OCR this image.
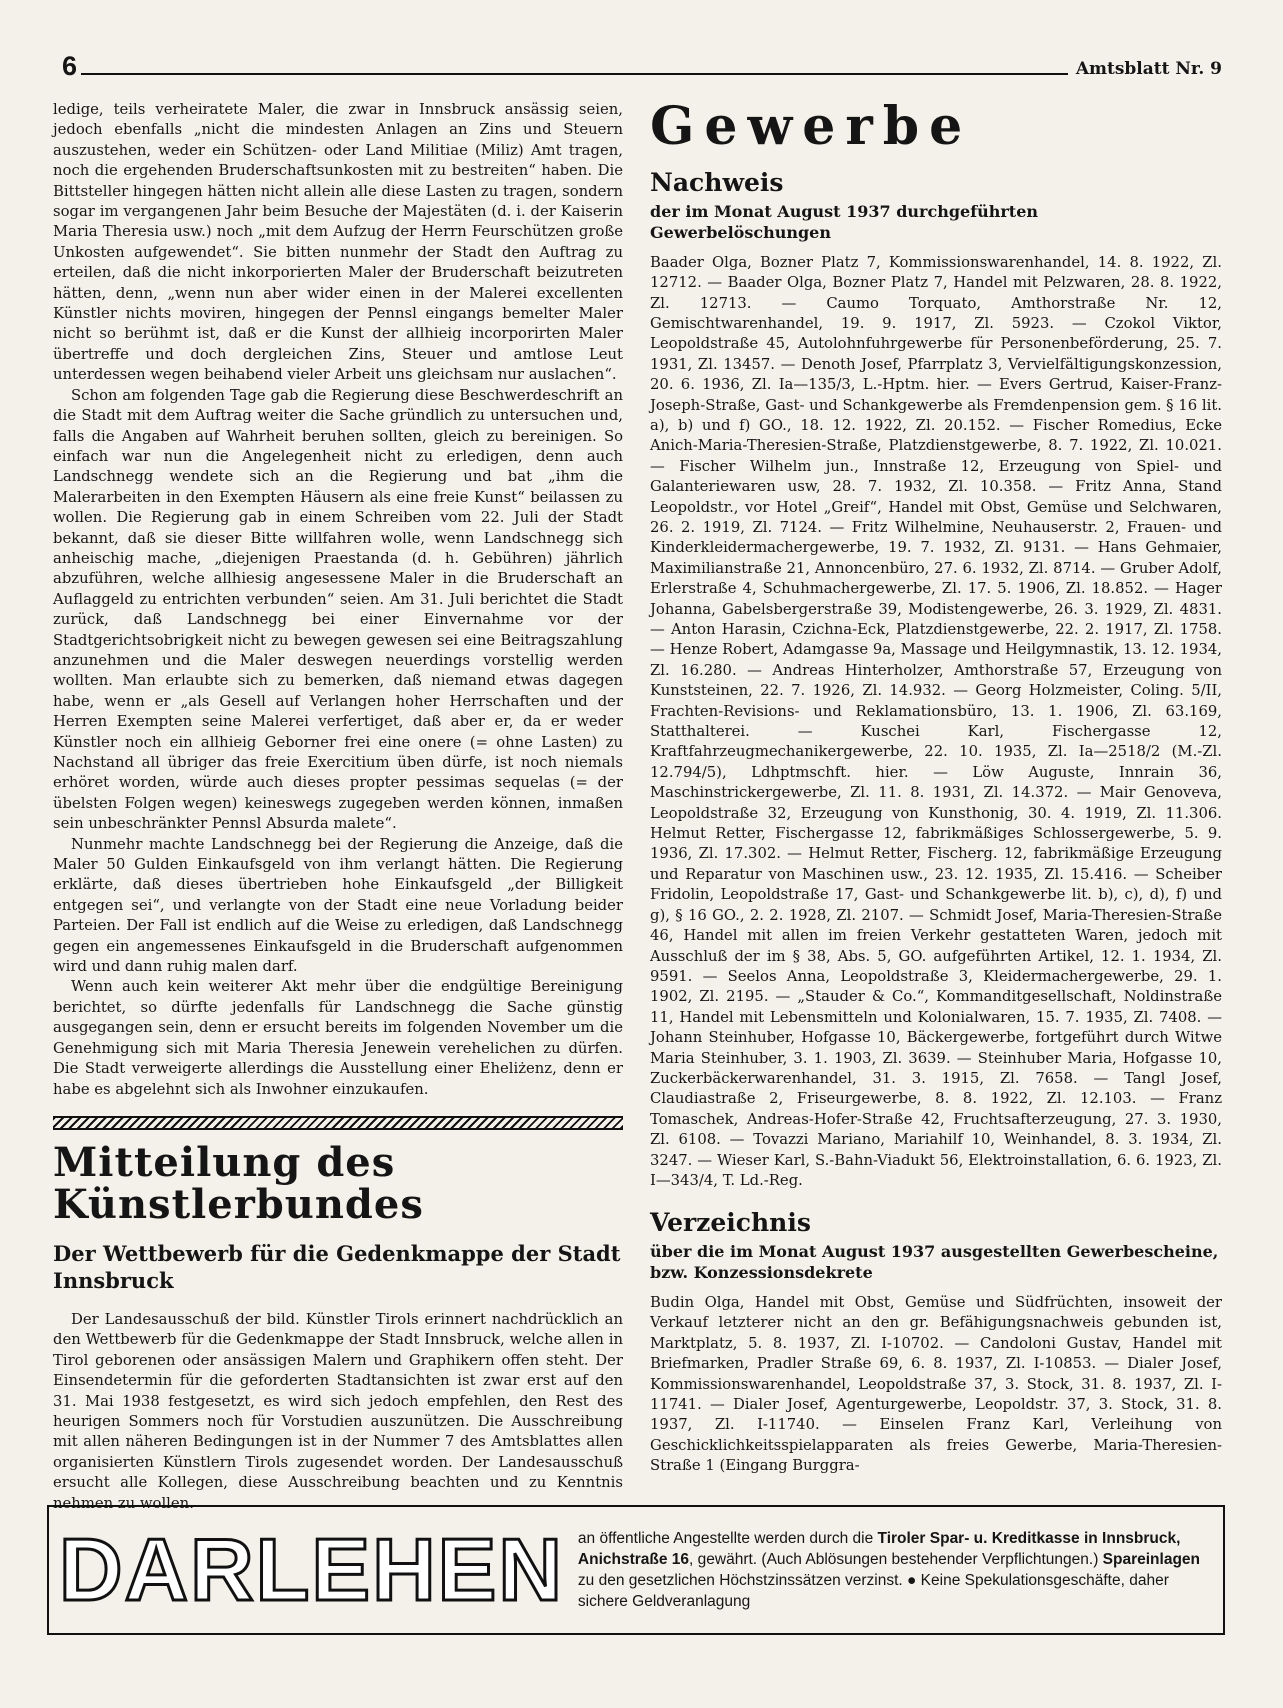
6	Amtsblatt Nr. 9

ledige, teils verheiratete Maler, die zwar in Innsbruck ansässig seien, jedoch ebenfalls „nicht die mindesten Anlagen an Zins und Steuern auszustehen, weder ein Schützen- oder Land Militiae (Miliz) Amt tragen, noch die ergehenden Bruderschaftsunkosten mit zu bestreiten“ haben. Die Bittsteller hingegen hätten nicht allein alle diese Lasten zu tragen, sondern sogar im vergangenen Jahr beim Besuche der Majestäten (d. i. der Kaiserin Maria Theresia usw.) noch „mit dem Aufzug der Herrn Feurschützen große Unkosten aufgewendet“. Sie bitten nunmehr der Stadt den Auftrag zu erteilen, daß die nicht inkorporierten Maler der Bruderschaft beizutreten hätten, denn, „wenn nun aber wider einen in der Malerei excellenten Künstler nichts moviren, hingegen der Pennsl eingangs bemelter Maler nicht so berühmt ist, daß er die Kunst der allhieig incorporirten Maler übertreffe und doch dergleichen Zins, Steuer und amtlose Leut unterdessen wegen beihabend vieler Arbeit uns gleichsam nur auslachen“.

Schon am folgenden Tage gab die Regierung diese Beschwerdeschrift an die Stadt mit dem Auftrag weiter die Sache gründlich zu untersuchen und, falls die Angaben auf Wahrheit beruhen sollten, gleich zu bereinigen. So einfach war nun die Angelegenheit nicht zu erledigen, denn auch Landschnegg wendete sich an die Regierung und bat „ihm die Malerarbeiten in den Exempten Häusern als eine freie Kunst“ beilassen zu wollen. Die Regierung gab in einem Schreiben vom 22. Juli der Stadt bekannt, daß sie dieser Bitte willfahren wolle, wenn Landschnegg sich anheischig mache, „diejenigen Praestanda (d. h. Gebühren) jährlich abzuführen, welche allhiesig angesessene Maler in die Bruderschaft an Auflaggeld zu entrichten verbunden“ seien. Am 31. Juli berichtet die Stadt zurück, daß Landschnegg bei einer Einvernahme vor der Stadtgerichtsobrigkeit nicht zu bewegen gewesen sei eine Beitragszahlung anzunehmen und die Maler deswegen neuerdings vorstellig werden wollten. Man erlaubte sich zu bemerken, daß niemand etwas dagegen habe, wenn er „als Gesell auf Verlangen hoher Herrschaften und der Herren Exempten seine Malerei verfertiget, daß aber er, da er weder Künstler noch ein allhieig Geborner frei eine onere (= ohne Lasten) zu Nachstand all übriger das freie Exercitium üben dürfe, ist noch niemals erhöret worden, würde auch dieses propter pessimas sequelas (= der übelsten Folgen wegen) keineswegs zugegeben werden können, inmaßen sein unbeschränkter Pennsl Absurda malete“.

Nunmehr machte Landschnegg bei der Regierung die Anzeige, daß die Maler 50 Gulden Einkaufsgeld von ihm verlangt hätten. Die Regierung erklärte, daß dieses übertrieben hohe Einkaufsgeld „der Billigkeit entgegen sei“, und verlangte von der Stadt eine neue Vorladung beider Parteien. Der Fall ist endlich auf die Weise zu erledigen, daß Landschnegg gegen ein angemessenes Einkaufsgeld in die Bruderschaft aufgenommen wird und dann ruhig malen darf.

Wenn auch kein weiterer Akt mehr über die endgültige Bereinigung berichtet, so dürfte jedenfalls für Landschnegg die Sache günstig ausgegangen sein, denn er ersucht bereits im folgenden November um die Genehmigung sich mit Maria Theresia Jenewein verehelichen zu dürfen. Die Stadt verweigerte allerdings die Ausstellung einer Eheliżenz, denn er habe es abgelehnt sich als Inwohner einzukaufen.

Mitteilung des Künstlerbundes
Der Wettbewerb für die Gedenkmappe der Stadt Innsbruck

Der Landesausschuß der bild. Künstler Tirols erinnert nachdrücklich an den Wettbewerb für die Gedenkmappe der Stadt Innsbruck, welche allen in Tirol geborenen oder ansässigen Malern und Graphikern offen steht. Der Einsendetermin für die geforderten Stadtansichten ist zwar erst auf den 31. Mai 1938 festgesetzt, es wird sich jedoch empfehlen, den Rest des heurigen Sommers noch für Vorstudien auszunützen. Die Ausschreibung mit allen näheren Bedingungen ist in der Nummer 7 des Amtsblattes allen organisierten Künstlern Tirols zugesendet worden. Der Landesausschuß ersucht alle Kollegen, diese Ausschreibung beachten und zu Kenntnis nehmen zu wollen.

Gewerbe
Nachweis
der im Monat August 1937 durchgeführten Gewerbelöschungen

Baader Olga, Bozner Platz 7, Kommissionswarenhandel, 14. 8. 1922, Zl. 12712. — Baader Olga, Bozner Platz 7, Handel mit Pelzwaren, 28. 8. 1922, Zl. 12713. — Caumo Torquato, Amthorstraße Nr. 12, Gemischtwarenhandel, 19. 9. 1917, Zl. 5923. — Czokol Viktor, Leopoldstraße 45, Autolohnfuhrgewerbe für Personenbeförderung, 25. 7. 1931, Zl. 13457. — Denoth Josef, Pfarrplatz 3, Vervielfältigungskonzession, 20. 6. 1936, Zl. Ia—135/3, L.-Hptm. hier. — Evers Gertrud, Kaiser-Franz-Joseph-Straße, Gast- und Schankgewerbe als Fremdenpension gem. § 16 lit. a), b) und f) GO., 18. 12. 1922, Zl. 20.152. — Fischer Romedius, Ecke Anich-Maria-Theresien-Straße, Platzdienstgewerbe, 8. 7. 1922, Zl. 10.021. — Fischer Wilhelm jun., Innstraße 12, Erzeugung von Spiel- und Galanteriewaren usw, 28. 7. 1932, Zl. 10.358. — Fritz Anna, Stand Leopoldstr., vor Hotel „Greif“, Handel mit Obst, Gemüse und Selchwaren, 26. 2. 1919, Zl. 7124. — Fritz Wilhelmine, Neuhauserstr. 2, Frauen- und Kinderkleidermachergewerbe, 19. 7. 1932, Zl. 9131. — Hans Gehmaier, Maximilianstraße 21, Annoncenbüro, 27. 6. 1932, Zl. 8714. — Gruber Adolf, Erlerstraße 4, Schuhmachergewerbe, Zl. 17. 5. 1906, Zl. 18.852. — Hager Johanna, Gabelsbergerstraße 39, Modistengewerbe, 26. 3. 1929, Zl. 4831. — Anton Harasin, Czichna-Eck, Platzdienstgewerbe, 22. 2. 1917, Zl. 1758. — Henze Robert, Adamgasse 9a, Massage und Heilgymnastik, 13. 12. 1934, Zl. 16.280. — Andreas Hinterholzer, Amthorstraße 57, Erzeugung von Kunststeinen, 22. 7. 1926, Zl. 14.932. — Georg Holzmeister, Coling. 5/II, Frachten-Revisions- und Reklamationsbüro, 13. 1. 1906, Zl. 63.169, Statthalterei. — Kuschei Karl, Fischergasse 12, Kraftfahrzeugmechanikergewerbe, 22. 10. 1935, Zl. Ia—2518/2 (M.-Zl. 12.794/5), Ldhptmschft. hier. — Löw Auguste, Innrain 36, Maschinstrickergewerbe, Zl. 11. 8. 1931, Zl. 14.372. — Mair Genoveva, Leopoldstraße 32, Erzeugung von Kunsthonig, 30. 4. 1919, Zl. 11.306. Helmut Retter, Fischergasse 12, fabrikmäßiges Schlossergewerbe, 5. 9. 1936, Zl. 17.302. — Helmut Retter, Fischerg. 12, fabrikmäßige Erzeugung und Reparatur von Maschinen usw., 23. 12. 1935, Zl. 15.416. — Scheiber Fridolin, Leopoldstraße 17, Gast- und Schankgewerbe lit. b), c), d), f) und g), § 16 GO., 2. 2. 1928, Zl. 2107. — Schmidt Josef, Maria-Theresien-Straße 46, Handel mit allen im freien Verkehr gestatteten Waren, jedoch mit Ausschluß der im § 38, Abs. 5, GO. aufgeführten Artikel, 12. 1. 1934, Zl. 9591. — Seelos Anna, Leopoldstraße 3, Kleidermachergewerbe, 29. 1. 1902, Zl. 2195. — „Stauder & Co.“, Kommanditgesellschaft, Noldinstraße 11, Handel mit Lebensmitteln und Kolonialwaren, 15. 7. 1935, Zl. 7408. — Johann Steinhuber, Hofgasse 10, Bäckergewerbe, fortgeführt durch Witwe Maria Steinhuber, 3. 1. 1903, Zl. 3639. — Steinhuber Maria, Hofgasse 10, Zuckerbäckerwarenhandel, 31. 3. 1915, Zl. 7658. — Tangl Josef, Claudiastraße 2, Friseurgewerbe, 8. 8. 1922, Zl. 12.103. — Franz Tomaschek, Andreas-Hofer-Straße 42, Fruchtsafterzeugung, 27. 3. 1930, Zl. 6108. — Tovazzi Mariano, Mariahilf 10, Weinhandel, 8. 3. 1934, Zl. 3247. — Wieser Karl, S.-Bahn-Viadukt 56, Elektroinstallation, 6. 6. 1923, Zl. I—343/4, T. Ld.-Reg.

Verzeichnis
über die im Monat August 1937 ausgestellten Gewerbescheine, bzw. Konzessionsdekrete

Budin Olga, Handel mit Obst, Gemüse und Südfrüchten, insoweit der Verkauf letzterer nicht an den gr. Befähigungsnachweis gebunden ist, Marktplatz, 5. 8. 1937, Zl. I-10702. — Candoloni Gustav, Handel mit Briefmarken, Pradler Straße 69, 6. 8. 1937, Zl. I-10853. — Dialer Josef, Kommissionswarenhandel, Leopoldstraße 37, 3. Stock, 31. 8. 1937, Zl. I-11741. — Dialer Josef, Agenturgewerbe, Leopoldstr. 37, 3. Stock, 31. 8. 1937, Zl. I-11740. — Einselen Franz Karl, Verleihung von Geschicklichkeitsspielapparaten als freies Gewerbe, Maria-Theresien-Straße 1 (Eingang Burggra-

DARLEHEN an öffentliche Angestellte werden durch die Tiroler Spar- u. Kreditkasse in Innsbruck, Anichstraße 16, gewährt. (Auch Ablösungen bestehender Verpflichtungen.) Spareinlagen zu den gesetzlichen Höchstzinssätzen verzinst. ● Keine Spekulationsgeschäfte, daher sichere Geldveranlagung
